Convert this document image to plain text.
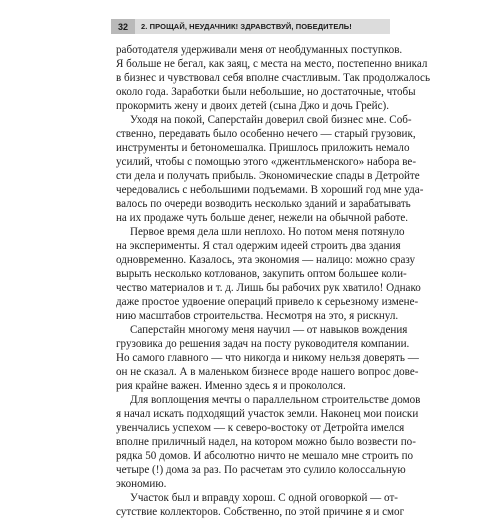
32	2. ПРОЩАЙ, НЕУДАЧНИК! ЗДРАВСТВУЙ, ПОБЕДИТЕЛЬ!
работодателя удерживали меня от необдуманных поступков.
Я больше не бегал, как заяц, с места на место, постепенно вникал
в бизнес и чувствовал себя вполне счастливым. Так продолжалось
около года. Заработки были небольшие, но достаточные, чтобы
прокормить жену и двоих детей (сына Джо и дочь Грейс).
Уходя на покой, Саперстайн доверил свой бизнес мне. Соб-
ственно, передавать было особенно нечего — старый грузовик,
инструменты и бетономешалка. Пришлось приложить немало
усилий, чтобы с помощью этого «джентльменского» набора ве-
сти дела и получать прибыль. Экономические спады в Детройте
чередовались с небольшими подъемами. В хороший год мне уда-
валось по очереди возводить несколько зданий и зарабатывать
на их продаже чуть больше денег, нежели на обычной работе.
Первое время дела шли неплохо. Но потом меня потянуло
на эксперименты. Я стал одержим идеей строить два здания
одновременно. Казалось, эта экономия — налицо: можно сразу
вырыть несколько котлованов, закупить оптом большее коли-
чество материалов и т. д. Лишь бы рабочих рук хватило! Однако
даже простое удвоение операций привело к серьезному измене-
нию масштабов строительства. Несмотря на это, я рискнул.
Саперстайн многому меня научил — от навыков вождения
грузовика до решения задач на посту руководителя компании.
Но самого главного — что никогда и никому нельзя доверять —
он не сказал. А в маленьком бизнесе вроде нашего вопрос дове-
рия крайне важен. Именно здесь я и прокололся.
Для воплощения мечты о параллельном строительстве домов
я начал искать подходящий участок земли. Наконец мои поиски
увенчались успехом — к северо-востоку от Детройта имелся
вполне приличный надел, на котором можно было возвести по-
рядка 50 домов. И абсолютно ничто не мешало мне строить по
четыре (!) дома за раз. По расчетам это сулило колоссальную
экономию.
Участок был и вправду хорош. С одной оговоркой — от-
сутствие коллекторов. Собственно, по этой причине я и смог
